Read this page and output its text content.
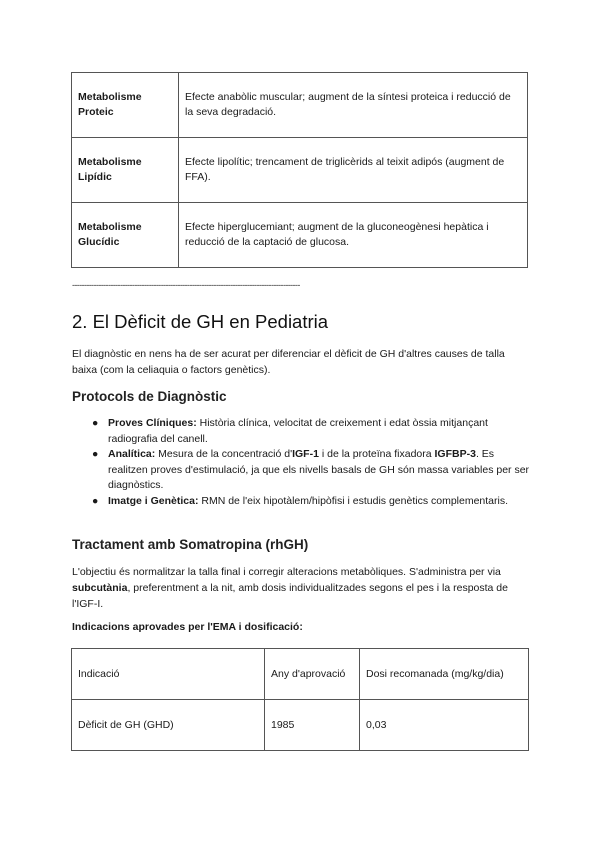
Metabolisme Proteic	Efecte anabòlic muscular; augment de la síntesi proteica i reducció de la seva degradació.
Metabolisme Lipídic	Efecte lipolític; trencament de triglicèrids al teixit adipós (augment de FFA).
Metabolisme Glucídic	Efecte hiperglucemiant; augment de la gluconeogènesi hepàtica i reducció de la captació de glucosa.
-----------------------------------------------------------------------------------------------
2. El Dèficit de GH en Pediatria

El diagnòstic en nens ha de ser acurat per diferenciar el dèficit de GH d'altres causes de talla baixa (com la celiaquia o factors genètics).

Protocols de Diagnòstic
● Proves Clíniques: Història clínica, velocitat de creixement i edat òssia mitjançant radiografia del canell.
● Analítica: Mesura de la concentració d'IGF-1 i de la proteïna fixadora IGFBP-3. Es realitzen proves d'estimulació, ja que els nivells basals de GH són massa variables per ser diagnòstics.
● Imatge i Genètica: RMN de l'eix hipotàlem/hipòfisi i estudis genètics complementaris.
Tractament amb Somatropina (rhGH)

L'objectiu és normalitzar la talla final i corregir alteracions metabòliques. S'administra per via subcutània, preferentment a la nit, amb dosis individualitzades segons el pes i la resposta de l'IGF-I.

Indicacions aprovades per l'EMA i dosificació:
Indicació	Any d'aprovació	Dosi recomanada (mg/kg/dia)
Dèficit de GH (GHD)	1985	0,03
